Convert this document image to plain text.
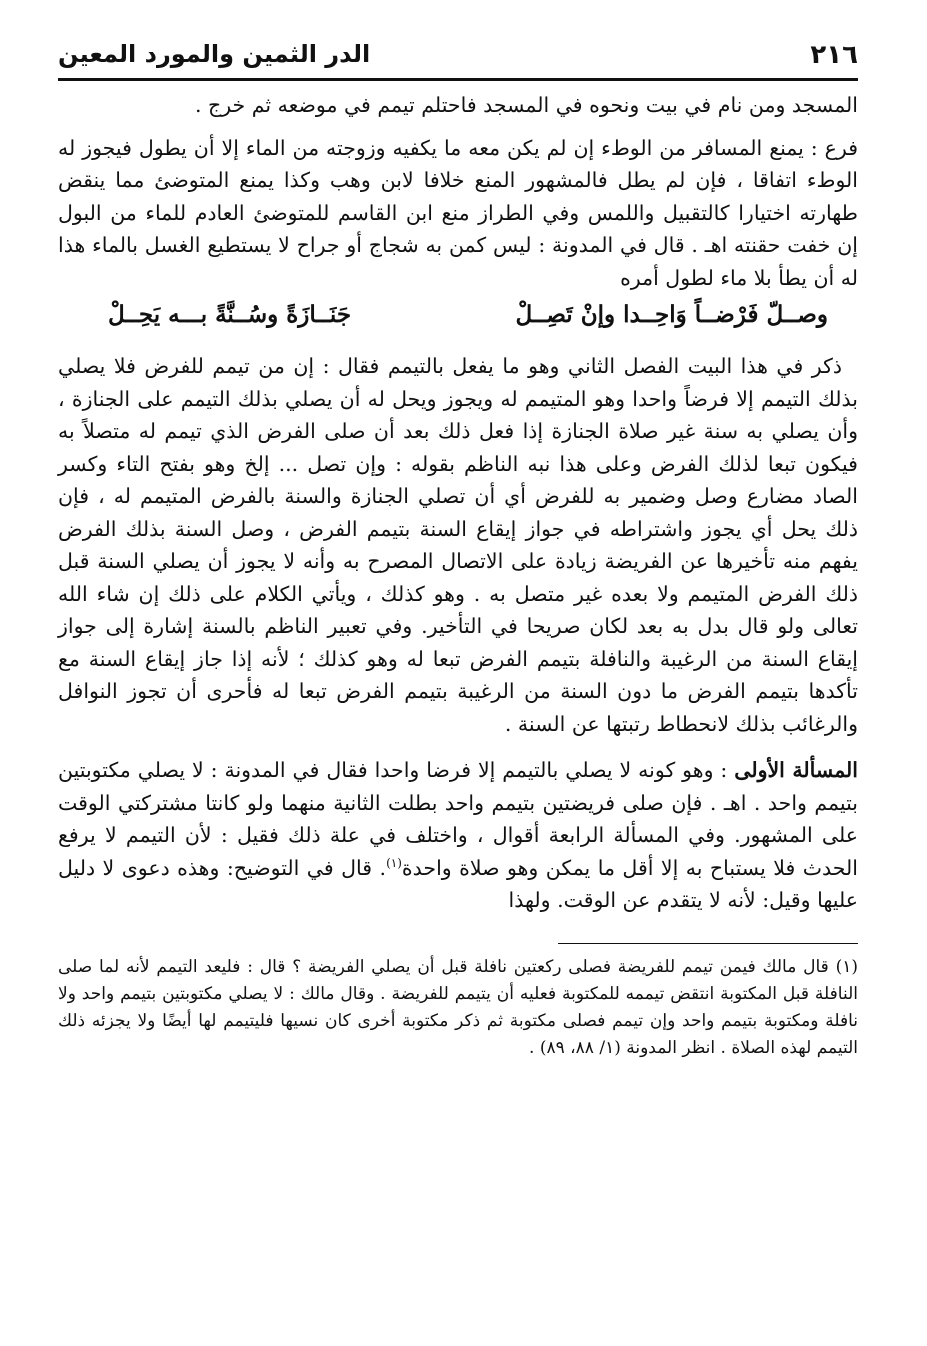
٢١٦
الدر الثمين والمورد المعين

المسجد ومن نام في بيت ونحوه في المسجد فاحتلم تيمم في موضعه ثم خرج .

فرع : يمنع المسافر من الوطء إن لم يكن معه ما يكفيه وزوجته من الماء إلا أن يطول فيجوز له الوطء اتفاقا ، فإن لم يطل فالمشهور المنع خلافا لابن وهب وكذا يمنع المتوضئ مما ينقض طهارته اختيارا كالتقبيل واللمس وفي الطراز منع ابن القاسم للمتوضئ العادم للماء من البول إن خفت حقنته اهـ . قال في المدونة : ليس كمن به شجاج أو جراح لا يستطيع الغسل بالماء هذا له أن يطأ بلا ماء لطول أمره

وصــلّ فَرْضــاً وَاحِــدا وإنْ تَصِــلْ
جَنَــازَةً وسُــنَّةً بـــه يَحِــلْ

ذكر في هذا البيت الفصل الثاني وهو ما يفعل بالتيمم فقال : إن من تيمم للفرض فلا يصلي بذلك التيمم إلا فرضاً واحدا وهو المتيمم له ويجوز ويحل له أن يصلي بذلك التيمم على الجنازة ، وأن يصلي به سنة غير صلاة الجنازة إذا فعل ذلك بعد أن صلى الفرض الذي تيمم له متصلاً به فيكون تبعا لذلك الفرض وعلى هذا نبه الناظم بقوله : وإن تصل ... إلخ وهو بفتح التاء وكسر الصاد مضارع وصل وضمير به للفرض أي أن تصلي الجنازة والسنة بالفرض المتيمم له ، فإن ذلك يحل أي يجوز واشتراطه في جواز إيقاع السنة بتيمم الفرض ، وصل السنة بذلك الفرض يفهم منه تأخيرها عن الفريضة زيادة على الاتصال المصرح به وأنه لا يجوز أن يصلي السنة قبل ذلك الفرض المتيمم ولا بعده غير متصل به . وهو كذلك ، ويأتي الكلام على ذلك إن شاء الله تعالى ولو قال بدل به بعد لكان صريحا في التأخير. وفي تعبير الناظم بالسنة إشارة إلى جواز إيقاع السنة من الرغيبة والنافلة بتيمم الفرض تبعا له وهو كذلك ؛ لأنه إذا جاز إيقاع السنة مع تأكدها بتيمم الفرض ما دون السنة من الرغيبة بتيمم الفرض تبعا له فأحرى أن تجوز النوافل والرغائب بذلك لانحطاط رتبتها عن السنة .

المسألة الأولى : وهو كونه لا يصلي بالتيمم إلا فرضا واحدا فقال في المدونة : لا يصلي مكتوبتين بتيمم واحد . اهـ . فإن صلى فريضتين بتيمم واحد بطلت الثانية منهما ولو كانتا مشتركتي الوقت على المشهور. وفي المسألة الرابعة أقوال ، واختلف في علة ذلك فقيل : لأن التيمم لا يرفع الحدث فلا يستباح به إلا أقل ما يمكن وهو صلاة واحدة$^{(١)}$. قال في التوضيح: وهذه دعوى لا دليل عليها وقيل: لأنه لا يتقدم عن الوقت. ولهذا

(١) قال مالك فيمن تيمم للفريضة فصلى ركعتين نافلة قبل أن يصلي الفريضة ؟ قال : فليعد التيمم لأنه لما صلى النافلة قبل المكتوبة انتقض تيممه للمكتوبة فعليه أن يتيمم للفريضة . وقال مالك : لا يصلي مكتوبتين بتيمم واحد ولا نافلة ومكتوبة بتيمم واحد وإن تيمم فصلى مكتوبة ثم ذكر مكتوبة أخرى كان نسيها فليتيمم لها أيضًا ولا يجزئه ذلك التيمم لهذه الصلاة . انظر المدونة (١/ ٨٨، ٨٩) .
